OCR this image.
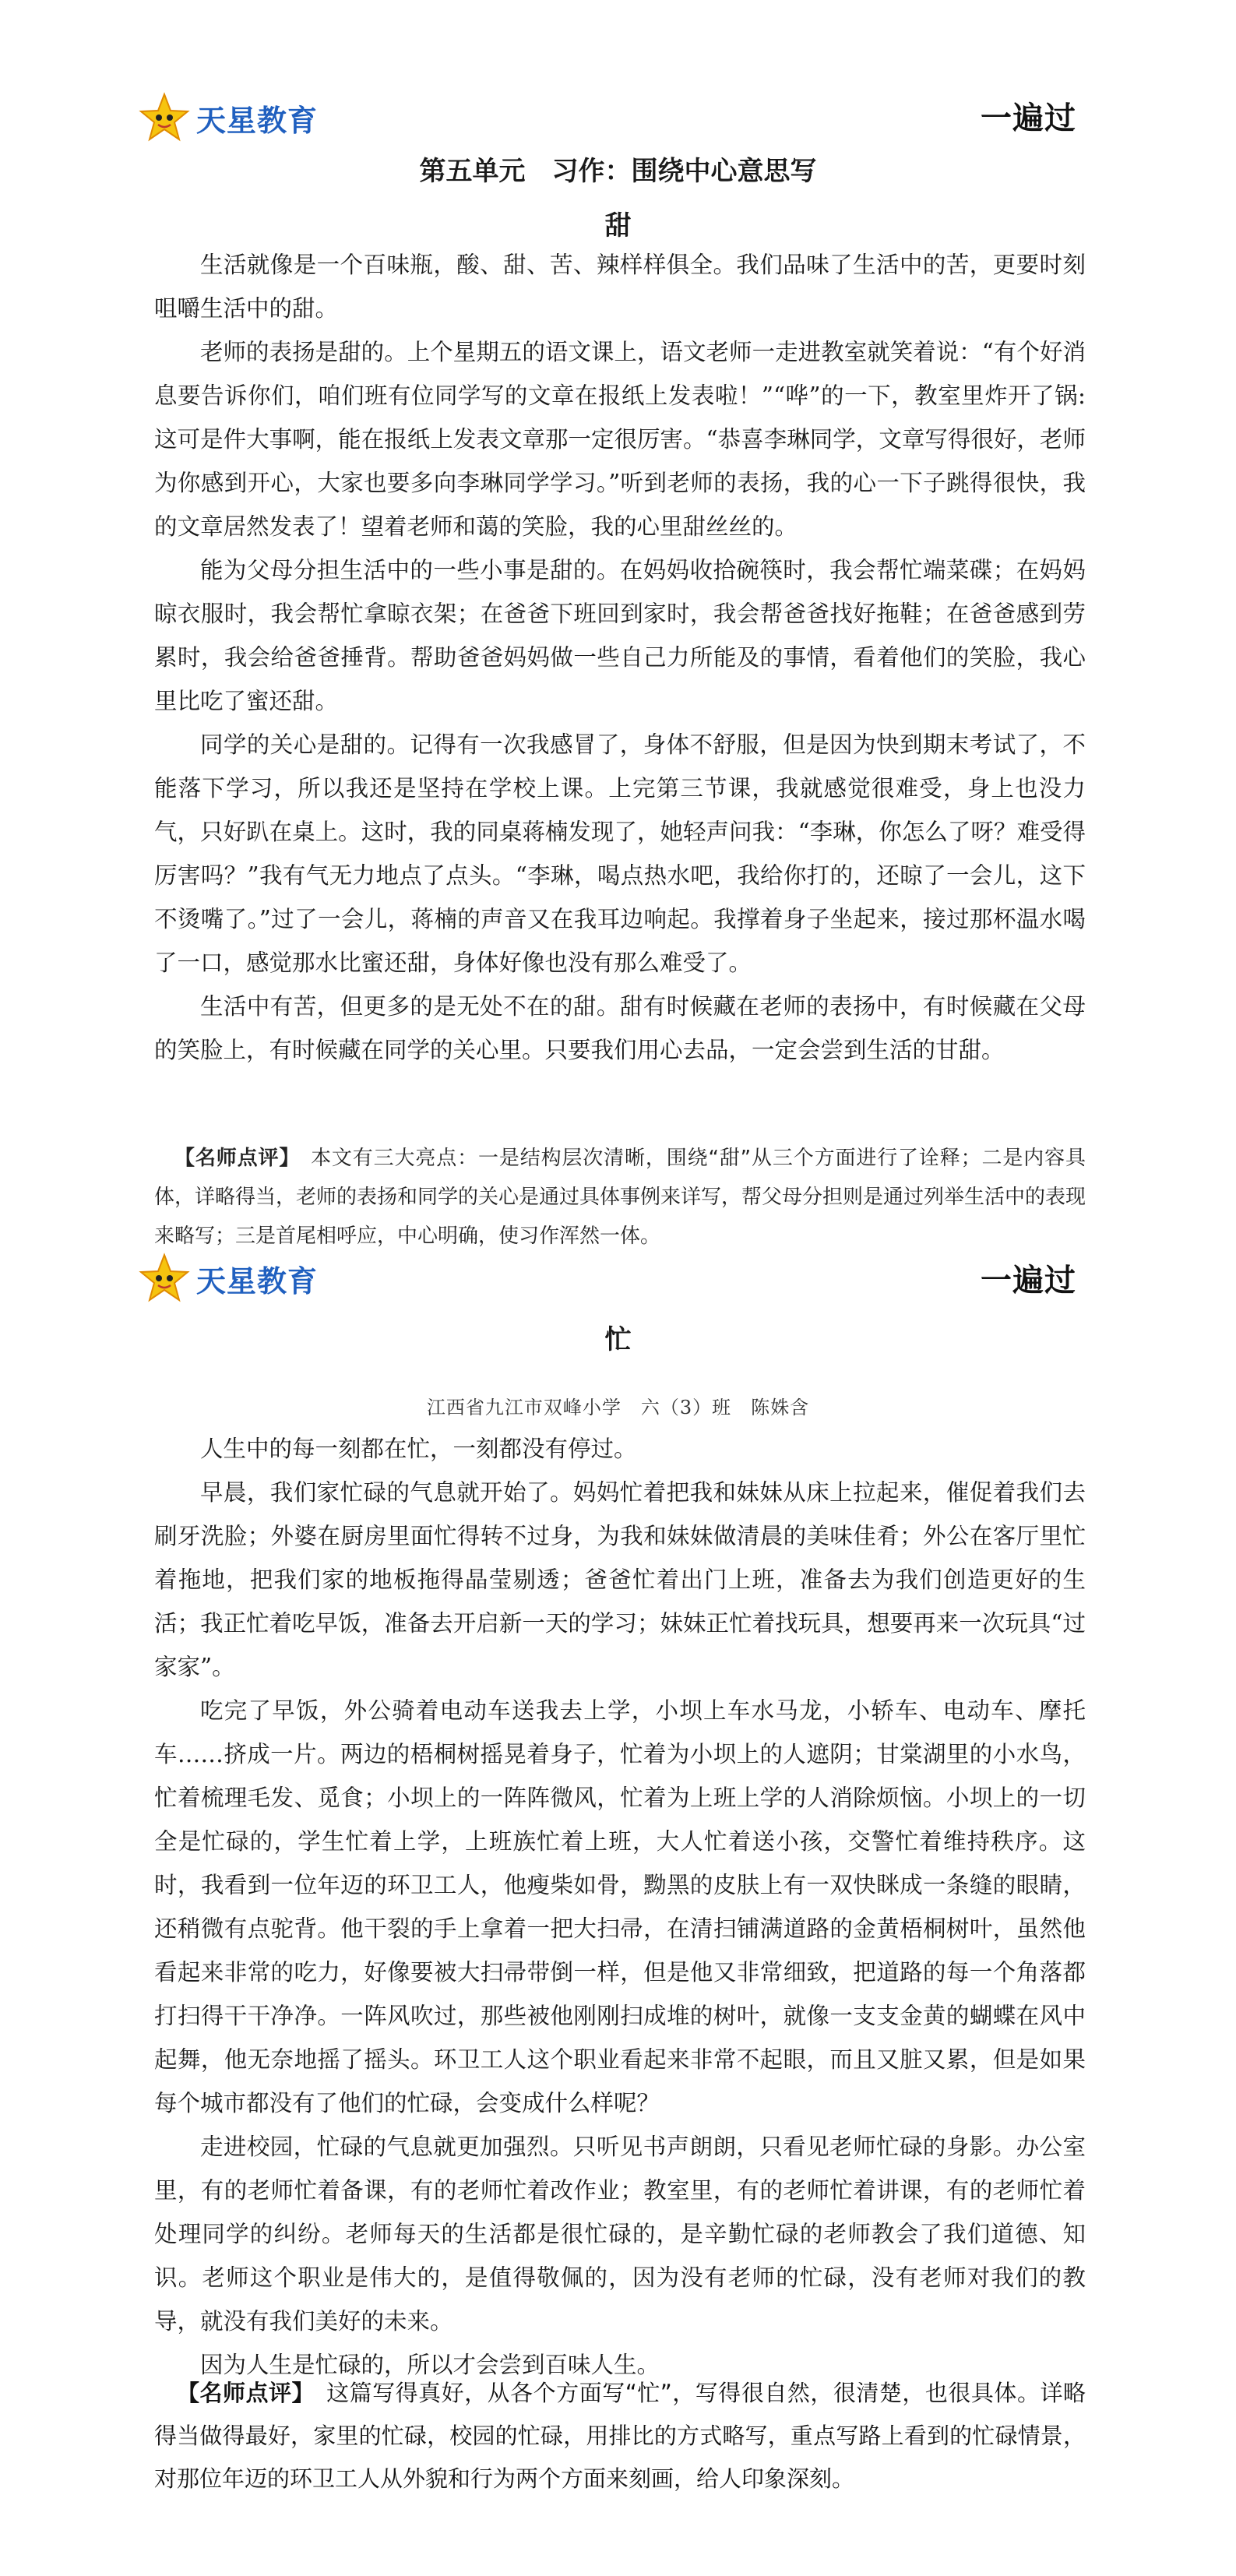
天星教育	一遍过
第五单元　习作：围绕中心意思写
甜

生活就像是一个百味瓶，酸、甜、苦、辣样样俱全。我们品味了生活中的苦，更要时刻咀嚼生活中的甜。

老师的表扬是甜的。上个星期五的语文课上，语文老师一走进教室就笑着说：“有个好消息要告诉你们，咱们班有位同学写的文章在报纸上发表啦！”“哗”的一下，教室里炸开了锅:这可是件大事啊，能在报纸上发表文章那一定很厉害。“恭喜李琳同学，文章写得很好，老师为你感到开心，大家也要多向李琳同学学习。”听到老师的表扬，我的心一下子跳得很快，我的文章居然发表了！望着老师和蔼的笑脸，我的心里甜丝丝的。

能为父母分担生活中的一些小事是甜的。在妈妈收拾碗筷时，我会帮忙端菜碟；在妈妈晾衣服时，我会帮忙拿晾衣架；在爸爸下班回到家时，我会帮爸爸找好拖鞋；在爸爸感到劳累时，我会给爸爸捶背。帮助爸爸妈妈做一些自己力所能及的事情，看着他们的笑脸，我心里比吃了蜜还甜。

同学的关心是甜的。记得有一次我感冒了，身体不舒服，但是因为快到期末考试了，不能落下学习，所以我还是坚持在学校上课。上完第三节课，我就感觉很难受，身上也没力气，只好趴在桌上。这时，我的同桌蒋楠发现了，她轻声问我：“李琳，你怎么了呀？难受得厉害吗？”我有气无力地点了点头。“李琳，喝点热水吧，我给你打的，还晾了一会儿，这下不烫嘴了。”过了一会儿，蒋楠的声音又在我耳边响起。我撑着身子坐起来，接过那杯温水喝了一口，感觉那水比蜜还甜，身体好像也没有那么难受了。

生活中有苦，但更多的是无处不在的甜。甜有时候藏在老师的表扬中，有时候藏在父母的笑脸上，有时候藏在同学的关心里。只要我们用心去品，一定会尝到生活的甘甜。

【名师点评】　 本文有三大亮点：一是结构层次清晰，围绕“甜”从三个方面进行了诠释；二是内容具体，详略得当，老师的表扬和同学的关心是通过具体事例来详写，帮父母分担则是通过列举生活中的表现来略写；三是首尾相呼应，中心明确，使习作浑然一体。

天星教育	一遍过
忙
江西省九江市双峰小学　六（3）班　陈姝含

人生中的每一刻都在忙，一刻都没有停过。

早晨，我们家忙碌的气息就开始了。妈妈忙着把我和妹妹从床上拉起来，催促着我们去刷牙洗脸；外婆在厨房里面忙得转不过身，为我和妹妹做清晨的美味佳肴；外公在客厅里忙着拖地，把我们家的地板拖得晶莹剔透；爸爸忙着出门上班，准备去为我们创造更好的生活；我正忙着吃早饭，准备去开启新一天的学习；妹妹正忙着找玩具，想要再来一次玩具“过家家”。

吃完了早饭，外公骑着电动车送我去上学，小坝上车水马龙，小轿车、电动车、摩托车……挤成一片。两边的梧桐树摇晃着身子，忙着为小坝上的人遮阴；甘棠湖里的小水鸟，忙着梳理毛发、觅食；小坝上的一阵阵微风，忙着为上班上学的人消除烦恼。小坝上的一切全是忙碌的，学生忙着上学，上班族忙着上班，大人忙着送小孩，交警忙着维持秩序。这时，我看到一位年迈的环卫工人，他瘦柴如骨，黝黑的皮肤上有一双快眯成一条缝的眼睛，还稍微有点驼背。他干裂的手上拿着一把大扫帚，在清扫铺满道路的金黄梧桐树叶，虽然他看起来非常的吃力，好像要被大扫帚带倒一样，但是他又非常细致，把道路的每一个角落都打扫得干干净净。一阵风吹过，那些被他刚刚扫成堆的树叶，就像一支支金黄的蝴蝶在风中起舞，他无奈地摇了摇头。环卫工人这个职业看起来非常不起眼，而且又脏又累，但是如果每个城市都没有了他们的忙碌，会变成什么样呢？

走进校园，忙碌的气息就更加强烈。只听见书声朗朗，只看见老师忙碌的身影。办公室里，有的老师忙着备课，有的老师忙着改作业；教室里，有的老师忙着讲课，有的老师忙着处理同学的纠纷。老师每天的生活都是很忙碌的，是辛勤忙碌的老师教会了我们道德、知识。老师这个职业是伟大的，是值得敬佩的，因为没有老师的忙碌，没有老师对我们的教导，就没有我们美好的未来。

因为人生是忙碌的，所以才会尝到百味人生。

【名师点评】　 这篇写得真好，从各个方面写“忙”，写得很自然，很清楚，也很具体。详略得当做得最好，家里的忙碌，校园的忙碌，用排比的方式略写，重点写路上看到的忙碌情景，对那位年迈的环卫工人从外貌和行为两个方面来刻画，给人印象深刻。
